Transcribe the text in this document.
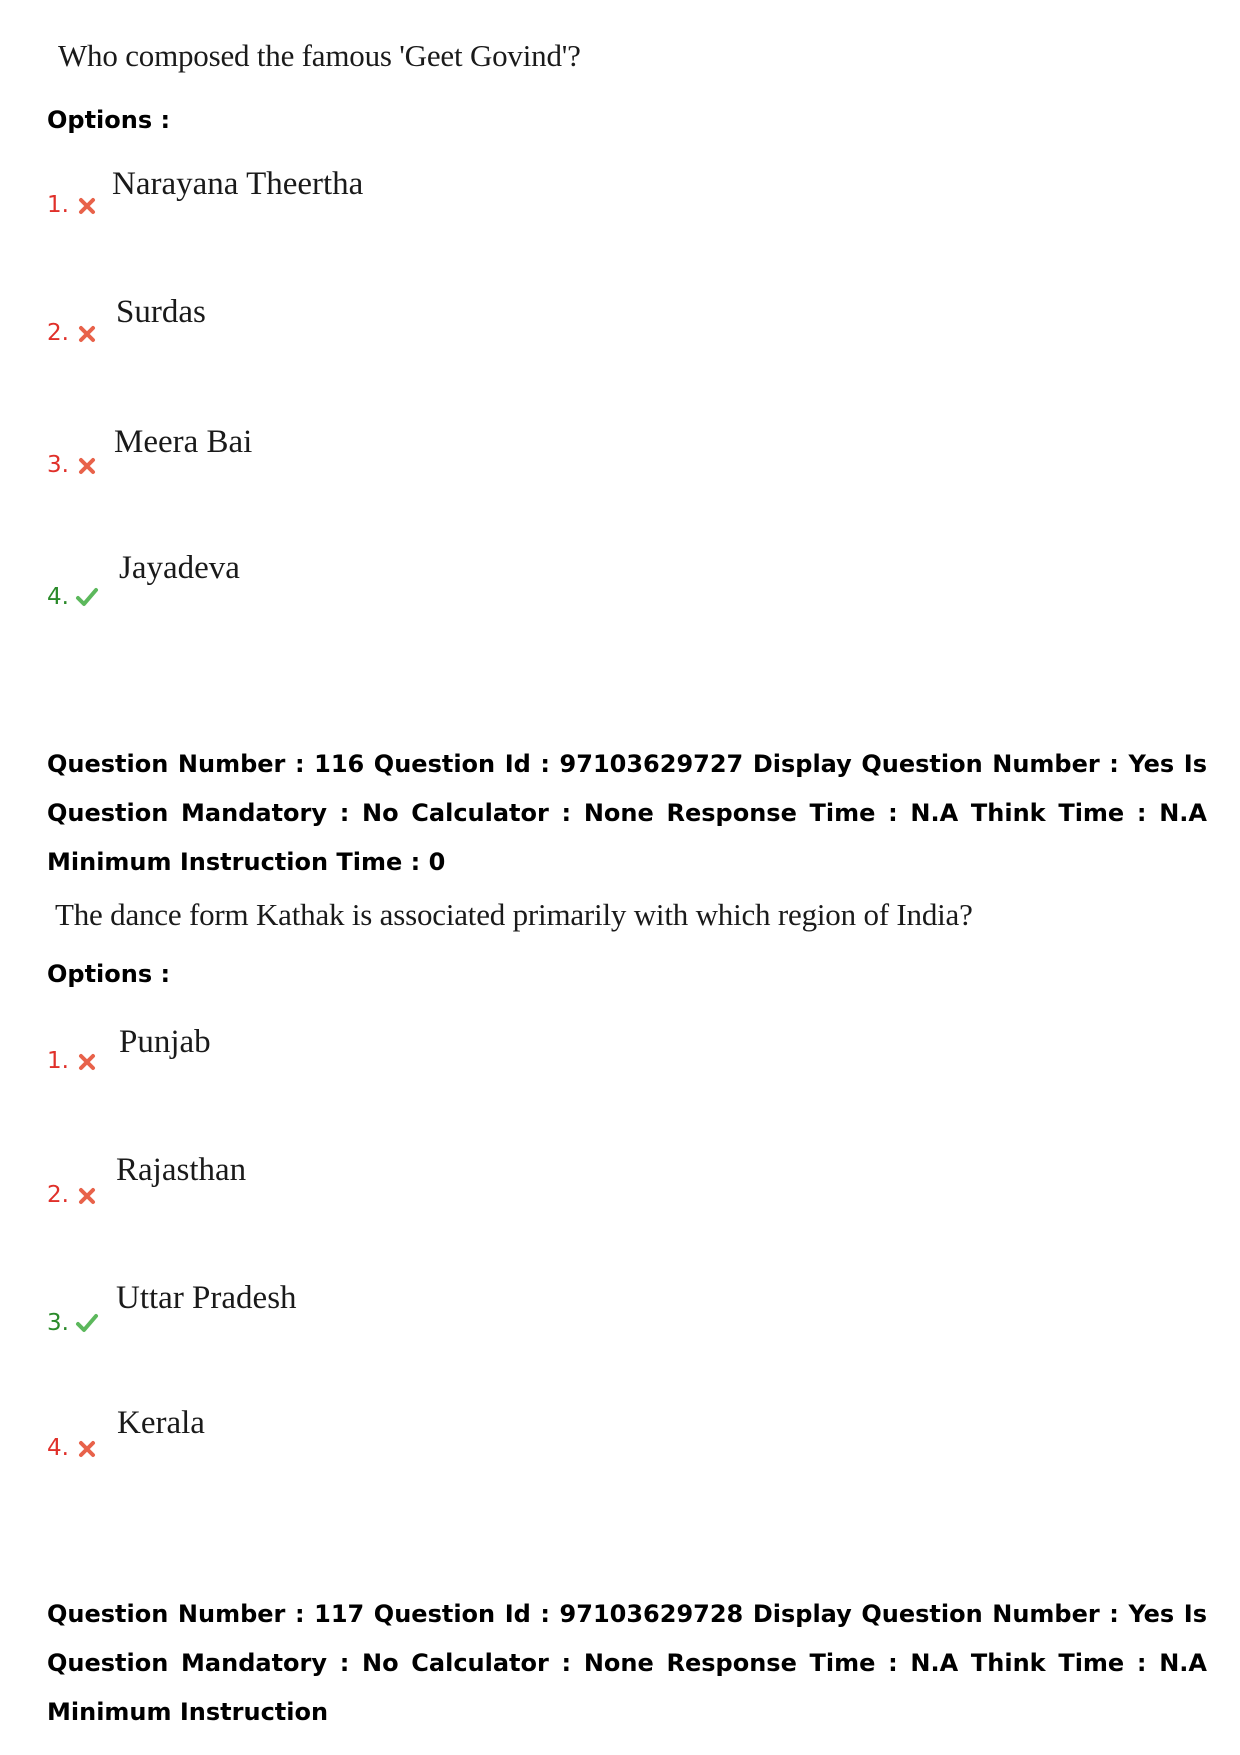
Who composed the famous 'Geet Govind'?
Options :
1.
Narayana Theertha
2.
Surdas
3.
Meera Bai
4.
Jayadeva
Question Number : 116 Question Id : 97103629727 Display Question Number : Yes Is Question Mandatory : No Calculator : None Response Time : N.A Think Time : N.A Minimum Instruction Time : 0
The dance form Kathak is associated primarily with which region of India?
Options :
1.
Punjab
2.
Rajasthan
3.
Uttar Pradesh
4.
Kerala
Question Number : 117 Question Id : 97103629728 Display Question Number : Yes Is Question Mandatory : No Calculator : None Response Time : N.A Think Time : N.A Minimum Instruction
